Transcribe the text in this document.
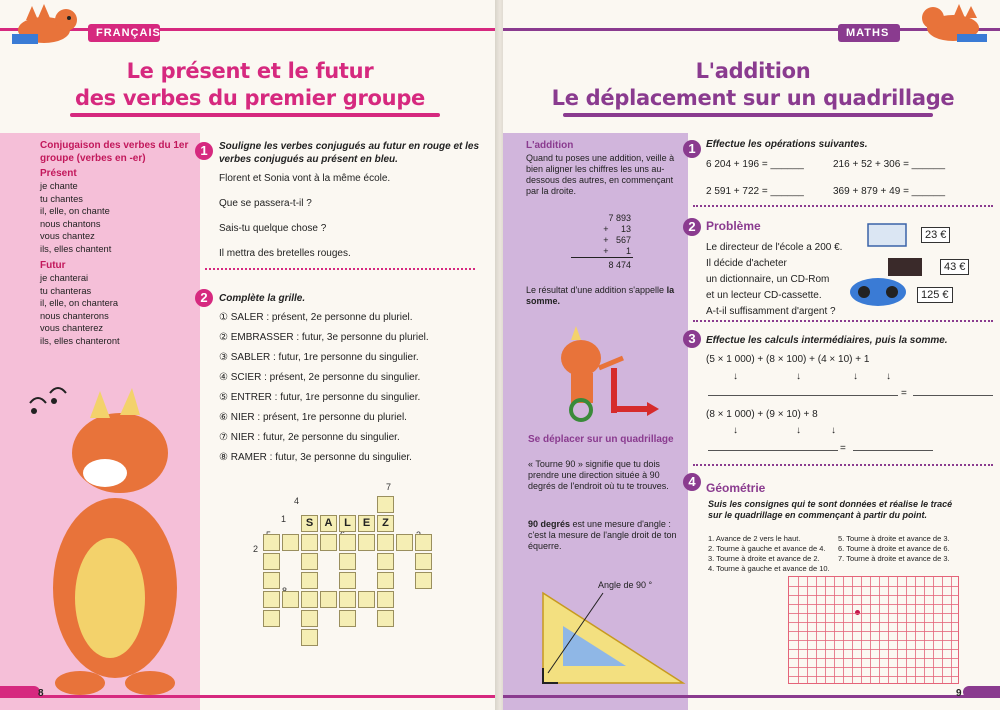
FRANÇAIS
Le présent et le futur
des verbes du premier groupe
Conjugaison des verbes du 1er groupe (verbes en -er)
Présent
je chante
tu chantes
il, elle, on chante
nous chantons
vous chantez
ils, elles chantent
Futur
je chanterai
tu chanteras
il, elle, on chantera
nous chanterons
vous chanterez
ils, elles chanteront
1	Souligne les verbes conjugués au futur en rouge et les verbes conjugués au présent en bleu.
Florent et Sonia vont à la même école.
Que se passera-t-il ?
Sais-tu quelque chose ?
Il mettra des bretelles rouges.
2	Complète la grille.
① SALER : présent, 2e personne du pluriel.
② EMBRASSER : futur, 3e personne du pluriel.
③ SABLER : futur, 1re personne du singulier.
④ SCIER : présent, 2e personne du singulier.
⑤ ENTRER : futur, 1re personne du singulier.
⑥ NIER : présent, 1re personne du pluriel.
⑦ NIER : futur, 2e personne du singulier.
⑧ RAMER : futur, 3e personne du singulier.
4
1
2
7
S	A	L	E	Z
8
MATHS
L'addition
Le déplacement sur un quadrillage
L'addition
Quand tu poses une addition, veille à bien aligner les chiffres les uns au-dessous des autres, en commençant par la droite.
7 893
+     13
+   567
+       1
8 474
Le résultat d'une addition s'appelle la somme.
Se déplacer sur un quadrillage
« Tourne 90 » signifie que tu dois prendre une direction située à 90 degrés de l'endroit où tu te trouves.
90 degrés est une mesure d'angle : c'est la mesure de l'angle droit de ton équerre.
Angle de 90 °
1	Effectue les opérations suivantes.
6 204 + 196 = ______	216 + 52 + 306 = ______
2 591 + 722 = ______	369 + 879 + 49 = ______
2 Problème
Le directeur de l'école a 200 €.
Il décide d'acheter
un dictionnaire, un CD-Rom
et un lecteur CD-cassette.
A-t-il suffisamment d'argent ?
23 €
43 €
125 €
3	Effectue les calculs intermédiaires, puis la somme.
(5 × 1 000) + (8 × 100) + (4 × 10) + 1
↓	↓	↓	↓
=
(8 × 1 000) + (9 × 10) + 8
↓	↓	↓
=
4 Géométrie
Suis les consignes qui te sont données et réalise le tracé sur le quadrillage en commençant à partir du point.
1. Avance de 2 vers le haut.
2. Tourne à gauche et avance de 4.
3. Tourne à droite et avance de 2.
4. Tourne à gauche et avance de 10.
5. Tourne à droite et avance de 3.
6. Tourne à droite et avance de 6.
7. Tourne à droite et avance de 3.
9
